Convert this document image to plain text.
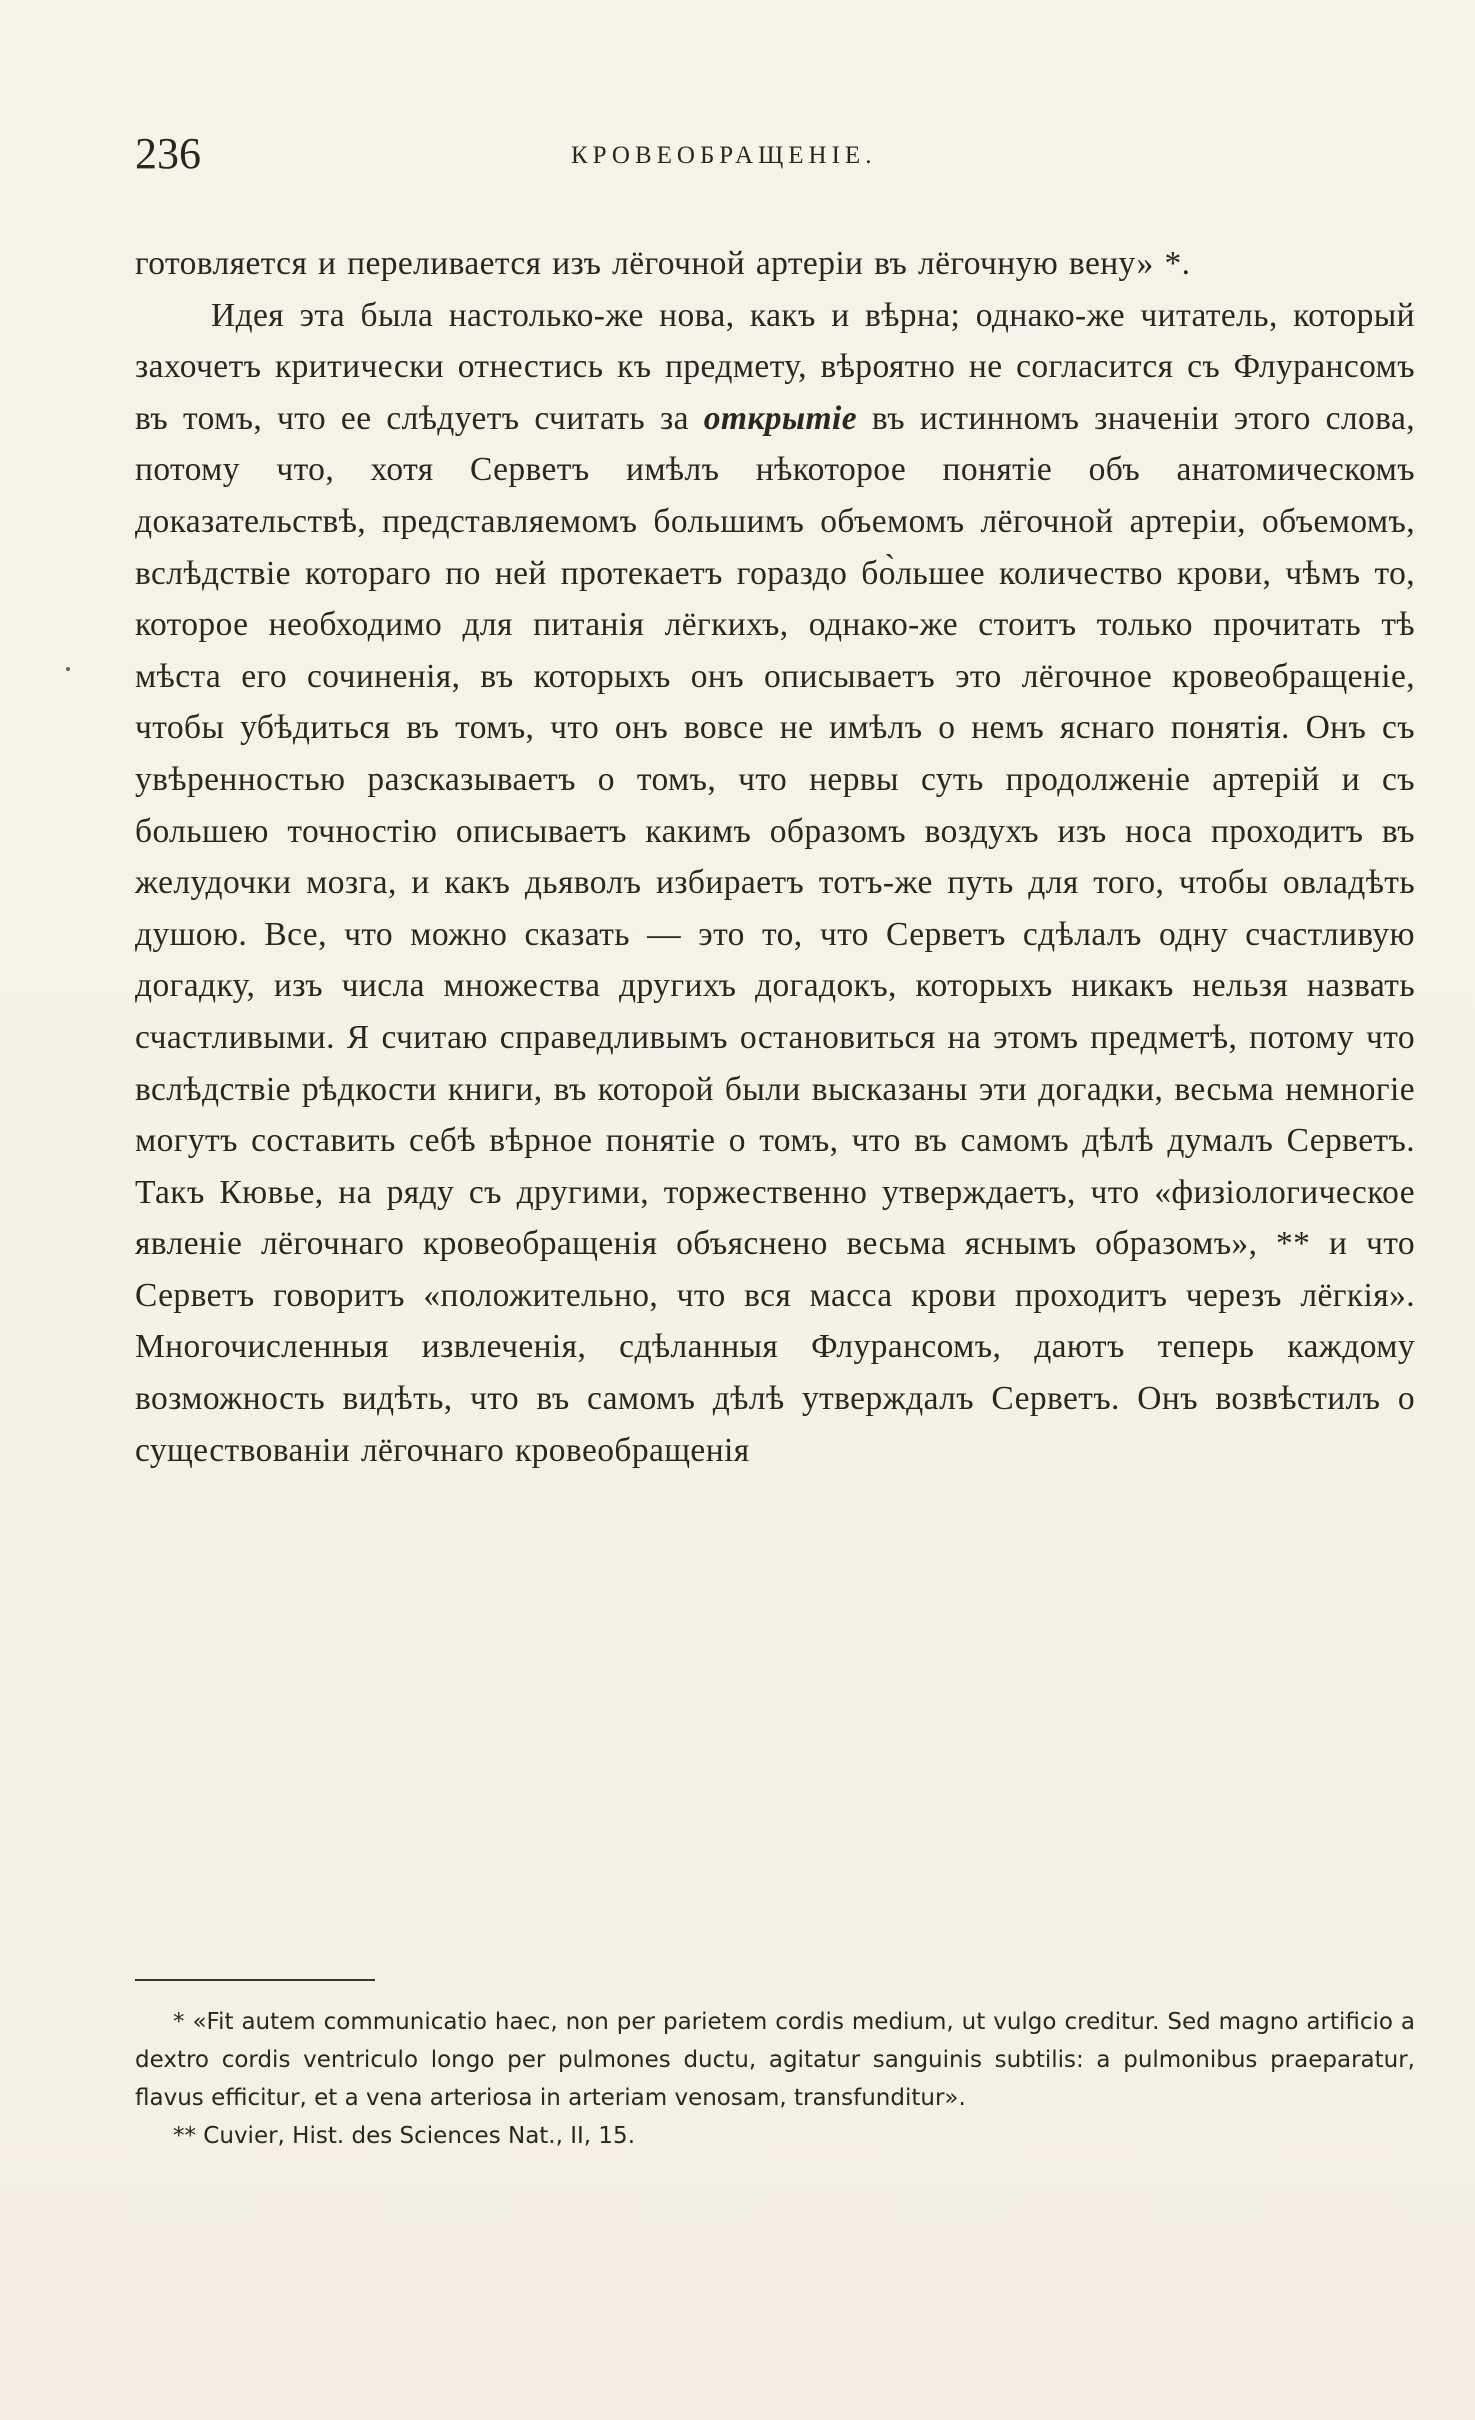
236	КРОВЕОБРАЩЕНІЕ.

готовляется и переливается изъ лёгочной артеріи въ лёгочную вену» *.

Идея эта была настолько-же нова, какъ и вѣрна; однако-же читатель, который захочетъ критически отнестись къ предмету, вѣроятно не согласится съ Флурансомъ въ томъ, что ее слѣдуетъ считать за открытіе въ истинномъ значеніи этого слова, потому что, хотя Серветъ имѣлъ нѣкоторое понятіе объ анатомическомъ доказательствѣ, представляемомъ большимъ объемомъ лёгочной артеріи, объемомъ, вслѣдствіе котораго по ней протекаетъ гораздо бо̀льшее количество крови, чѣмъ то, которое необходимо для питанія лёгкихъ, однако-же стоитъ только прочитать тѣ мѣста его сочиненія, въ которыхъ онъ описываетъ это лёгочное кровеобращеніе, чтобы убѣдиться въ томъ, что онъ вовсе не имѣлъ о немъ яснаго понятія. Онъ съ увѣренностью разсказываетъ о томъ, что нервы суть продолженіе артерій и съ большею точностію описываетъ какимъ образомъ воздухъ изъ носа проходитъ въ желудочки мозга, и какъ дьяволъ избираетъ тотъ-же путь для того, чтобы овладѣть душою. Все, что можно сказать — это то, что Серветъ сдѣлалъ одну счастливую догадку, изъ числа множества другихъ догадокъ, которыхъ никакъ нельзя назвать счастливыми. Я считаю справедливымъ остановиться на этомъ предметѣ, потому что вслѣдствіе рѣдкости книги, въ которой были высказаны эти догадки, весьма немногіе могутъ составить себѣ вѣрное понятіе о томъ, что въ самомъ дѣлѣ думалъ Серветъ. Такъ Кювье, на ряду съ другими, торжественно утверждаетъ, что «физіологическое явленіе лёгочнаго кровеобращенія объяснено весьма яснымъ образомъ», ** и что Серветъ говоритъ «положительно, что вся масса крови проходитъ черезъ лёгкія». Многочисленныя извлеченія, сдѣланныя Флурансомъ, даютъ теперь каждому возможность видѣть, что въ самомъ дѣлѣ утверждалъ Серветъ. Онъ возвѣстилъ о существованіи лёгочнаго кровеобращенія

* «Fit autem communicatio haec, non per parietem cordis medium, ut vulgo creditur. Sed magno artificio a dextro cordis ventriculo longo per pulmones ductu, agitatur sanguinis subtilis: a pulmonibus praeparatur, flavus efficitur, et a vena arteriosa in arteriam venosam, transfunditur».

** Cuvier, Hist. des Sciences Nat., II, 15.
